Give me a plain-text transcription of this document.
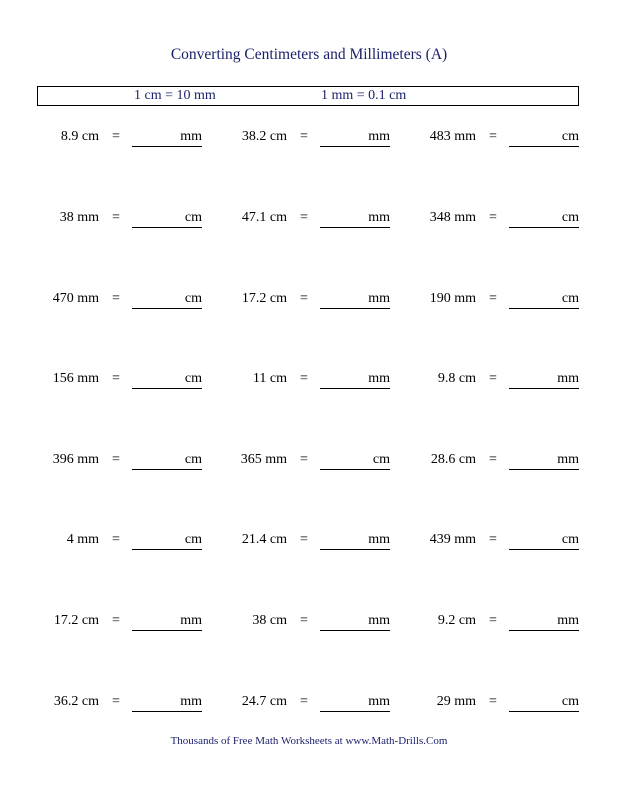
Converting Centimeters and Millimeters (A)
1 cm = 10 mm	1 mm = 0.1 cm
8.9 cm =	mm	38.2 cm =	mm	483 mm =	cm
38 mm =	cm	47.1 cm =	mm	348 mm =	cm
470 mm =	cm	17.2 cm =	mm	190 mm =	cm
156 mm =	cm	11 cm =	mm	9.8 cm =	mm
396 mm =	cm	365 mm =	cm	28.6 cm =	mm
4 mm =	cm	21.4 cm =	mm	439 mm =	cm
17.2 cm =	mm	38 cm =	mm	9.2 cm =	mm
36.2 cm =	mm	24.7 cm =	mm	29 mm =	cm
Thousands of Free Math Worksheets at www.Math-Drills.Com
